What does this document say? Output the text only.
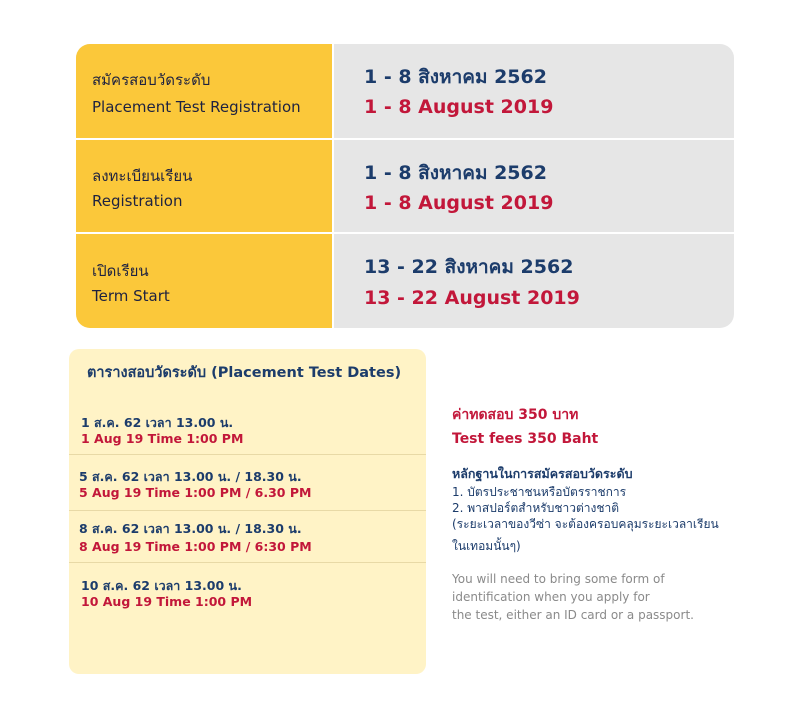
สมัครสอบวัดระดับ
Placement Test Registration
1 - 8 สิงหาคม 2562
1 - 8 August 2019
ลงทะเบียนเรียน
Registration
1 - 8 สิงหาคม 2562
1 - 8 August 2019
เปิดเรียน
Term Start
13 - 22 สิงหาคม 2562
13 - 22 August 2019
ตารางสอบวัดระดับ (Placement Test Dates)
1 ส.ค. 62 เวลา 13.00 น.
1 Aug 19 Time 1:00 PM
5 ส.ค. 62 เวลา 13.00 น. / 18.30 น.
5 Aug 19 Time 1:00 PM / 6.30 PM
8 ส.ค. 62 เวลา 13.00 น. / 18.30 น.
8 Aug 19 Time 1:00 PM / 6:30 PM
10 ส.ค. 62 เวลา 13.00 น.
10 Aug 19 Time 1:00 PM
ค่าทดสอบ 350 บาท
Test fees 350 Baht
หลักฐานในการสมัครสอบวัดระดับ
1. บัตรประชาชนหรือบัตรราชการ
2. พาสปอร์ตสำหรับชาวต่างชาติ
(ระยะเวลาของวีซ่า จะต้องครอบคลุมระยะเวลาเรียน
ในเทอมนั้นๆ)
You will need to bring some form of
identification when you apply for
the test, either an ID card or a passport.
